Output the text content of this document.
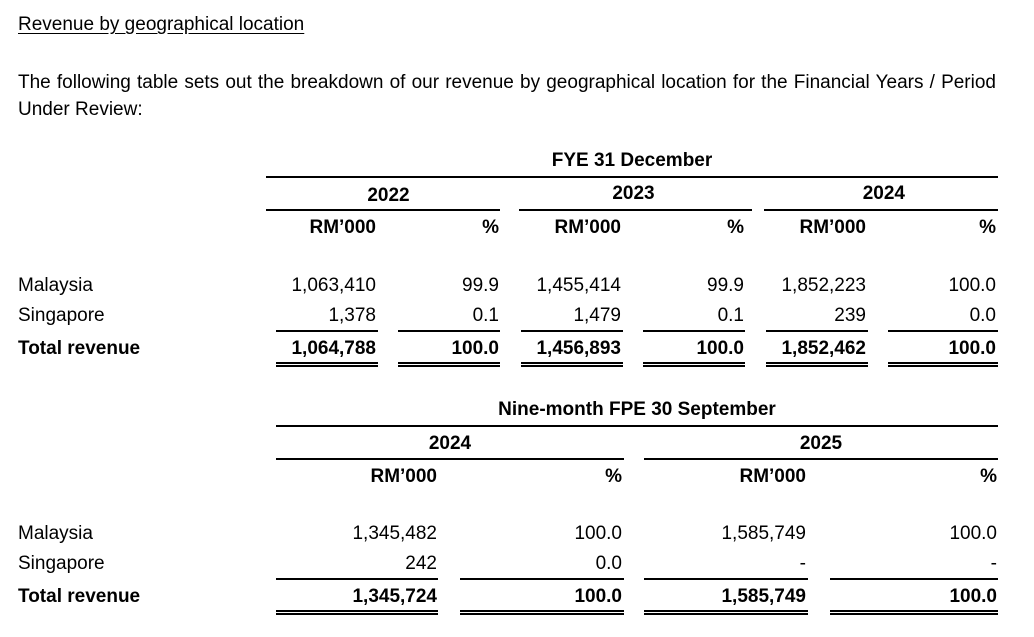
Revenue by geographical location
The following table sets out the breakdown of our revenue by geographical location for the Financial Years / Period Under Review:
FYE 31 December
2022	2023	2024
RM’000	%	RM’000	%	RM’000	%
Malaysia	1,063,410	99.9 1,455,414	99.9 1,852,223	100.0
Singapore	1,378	0.1	1,479	0.1	239	0.0
Total revenue	1,064,788	100.0 1,456,893	100.0 1,852,462	100.0
Nine-month FPE 30 September
2024	2025
RM’000	%	RM’000	%
Malaysia	1,345,482	100.0	1,585,749	100.0
Singapore	242	0.0	-	-
Total revenue	1,345,724	100.0	1,585,749	100.0
